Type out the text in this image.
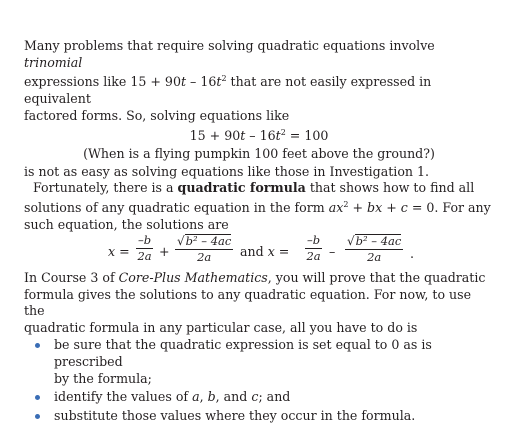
Many problems that require solving quadratic equations involve trinomial
expressions like $15 + 90t - 16t^2$ that are not easily expressed in equivalent
factored forms. So, solving equations like

$15 + 90t - 16t^2 = 100$

(When is a flying pumpkin 100 feet above the ground?)

is not as easy as solving equations like those in Investigation 1.

Fortunately, there is a quadratic formula that shows how to find all
solutions of any quadratic equation in the form $ax^2$ + bx + c = 0. For any
such equation, the solutions are

$x = \frac{-b}{2a} + \frac{\text{√b² – 4ac}}{2a}$ and $x = \frac{-b}{2a} - \frac{\text{√b² – 4ac}}{2a}$ .

In Course 3 of Core-Plus Mathematics, you will prove that the quadratic
formula gives the solutions to any quadratic equation. For now, to use the
quadratic formula in any particular case, all you have to do is

be sure that the quadratic expression is set equal to 0 as is prescribed
by the formula;
identify the values of a, b, and c; and
substitute those values where they occur in the formula.
